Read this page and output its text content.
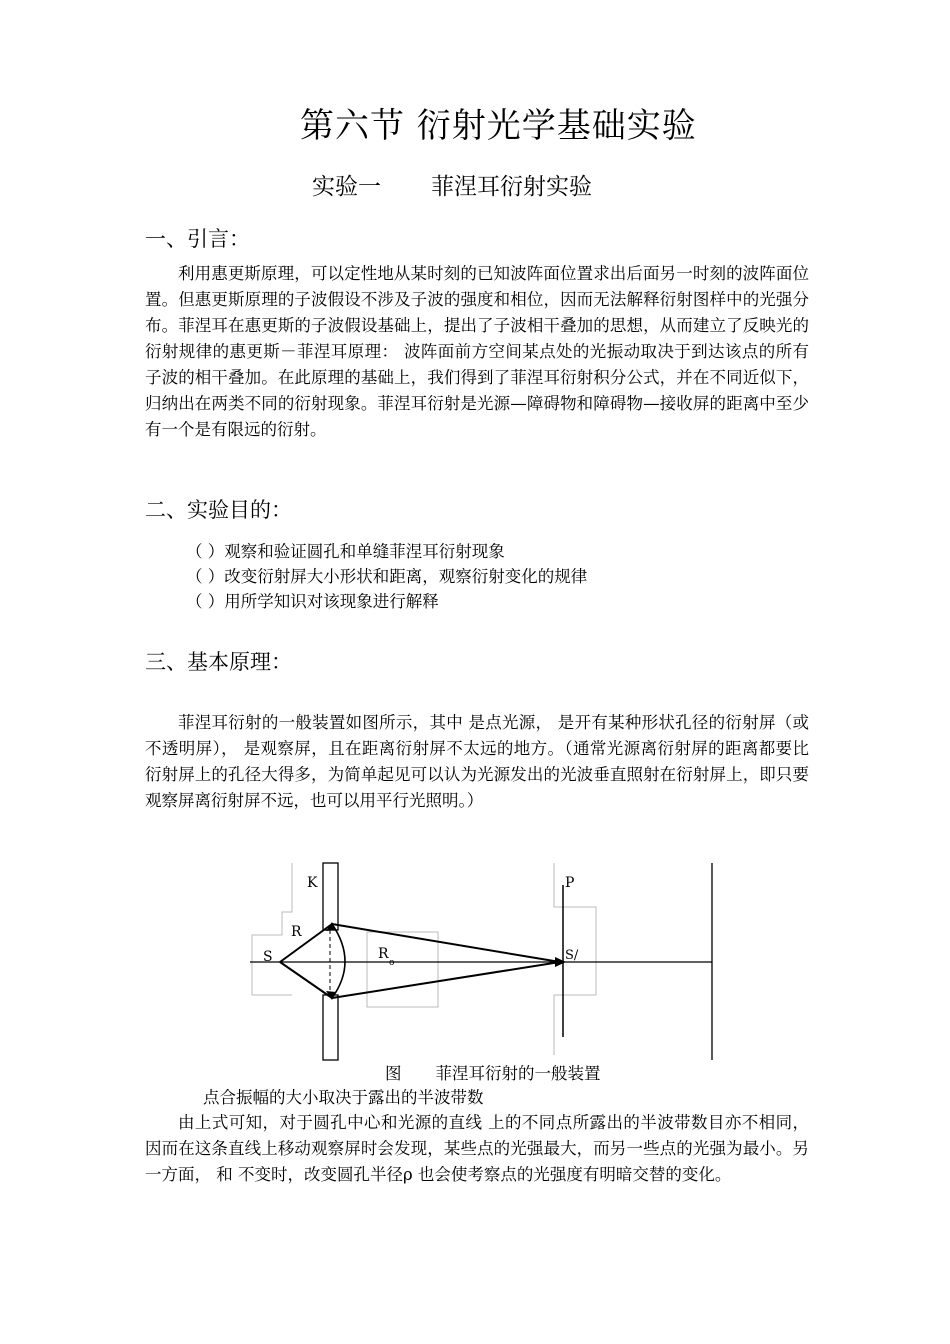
第六节 衍射光学基础实验
实验一 菲涅耳衍射实验
一、引言：
利用惠更斯原理，可以定性地从某时刻的已知波阵面位置求出后面另一时刻的波阵面位置。但惠更斯原理的子波假设不涉及子波的强度和相位，因而无法解释衍射图样中的光强分布。菲涅耳在惠更斯的子波假设基础上，提出了子波相干叠加的思想，从而建立了反映光的衍射规律的惠更斯－菲涅耳原理： 波阵面前方空间某点处的光振动取决于到达该点的所有子波的相干叠加。在此原理的基础上，我们得到了菲涅耳衍射积分公式，并在不同近似下，归纳出在两类不同的衍射现象。菲涅耳衍射是光源—障碍物和障碍物—接收屏的距离中至少有一个是有限远的衍射。
二、实验目的：
（ ）观察和验证圆孔和单缝菲涅耳衍射现象
（ ）改变衍射屏大小形状和距离，观察衍射变化的规律
（ ）用所学知识对该现象进行解释
三、基本原理：
菲涅耳衍射的一般装置如图所示，其中 是点光源， 是开有某种形状孔径的衍射屏（或不透明屏）， 是观察屏，且在距离衍射屏不太远的地方。（通常光源离衍射屏的距离都要比衍射屏上的孔径大得多，为简单起见可以认为光源发出的光波垂直照射在衍射屏上，即只要观察屏离衍射屏不远，也可以用平行光照明。）
K	P
R
S	R
o	S/
图 菲涅耳衍射的一般装置
点合振幅的大小取决于露出的半波带数
由上式可知，对于圆孔中心和光源的直线 上的不同点所露出的半波带数目亦不相同，因而在这条直线上移动观察屏时会发现，某些点的光强最大，而另一些点的光强为最小。另一方面， 和 不变时，改变圆孔半径ρ 也会使考察点的光强度有明暗交替的变化。
